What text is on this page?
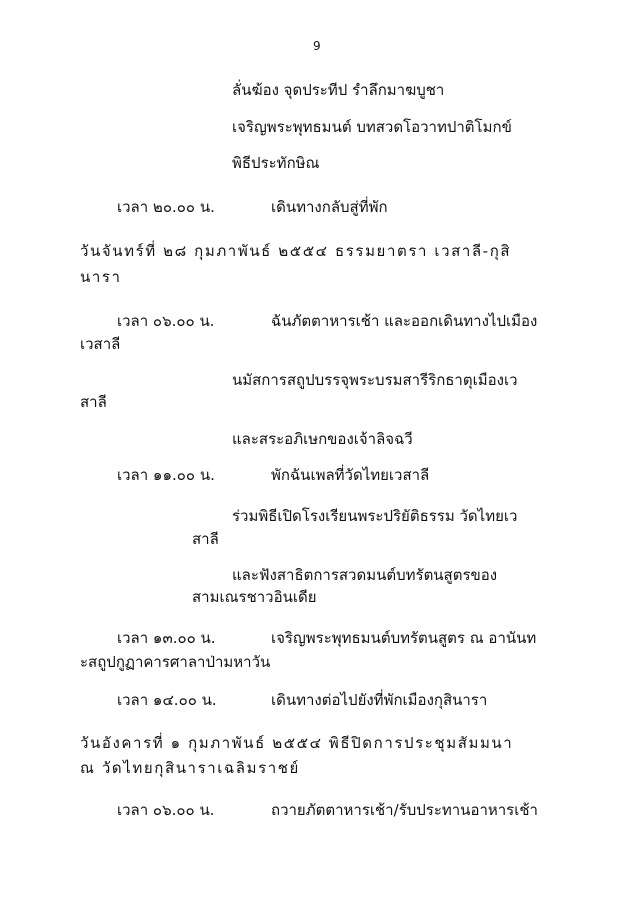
9
ลั่นฆ้อง จุดประทีป รำลึกมาฆบูชา
เจริญพระพุทธมนต์ บทสวดโอวาทปาติโมกข์
พิธีประทักษิณ
เวลา ๒๐.๐๐ น.	เดินทางกลับสู่ที่พัก
วันจันทร์ที่ ๒๘ กุมภาพันธ์ ๒๕๕๔ ธรรมยาตรา เวสาลี-กุสิ
นารา
เวลา ๐๖.๐๐ น.	ฉันภัตตาหารเช้า และออกเดินทางไปเมือง
เวสาลี
นมัสการสถูปบรรจุพระบรมสารีริกธาตุเมืองเว
สาลี
และสระอภิเษกของเจ้าลิจฉวี
เวลา ๑๑.๐๐ น.	พักฉันเพลที่วัดไทยเวสาลี
ร่วมพิธีเปิดโรงเรียนพระปริยัติธรรม วัดไทยเว
สาลี
และฟังสาธิตการสวดมนต์บทรัตนสูตรของ
สามเณรชาวอินเดีย
เวลา ๑๓.๐๐ น.	เจริญพระพุทธมนต์บทรัตนสูตร ณ อานันท
ะสถูปกูฏาคารศาลาป่ามหาวัน
เวลา ๑๔.๐๐ น.	เดินทางต่อไปยังที่พักเมืองกุสินารา
วันอังคารที่ ๑ กุมภาพันธ์ ๒๕๕๔ พิธีปิดการประชุมสัมมนา
ณ วัดไทยกุสินาราเฉลิมราชย์
เวลา ๐๖.๐๐ น.	ถวายภัตตาหารเช้า/รับประทานอาหารเช้า
